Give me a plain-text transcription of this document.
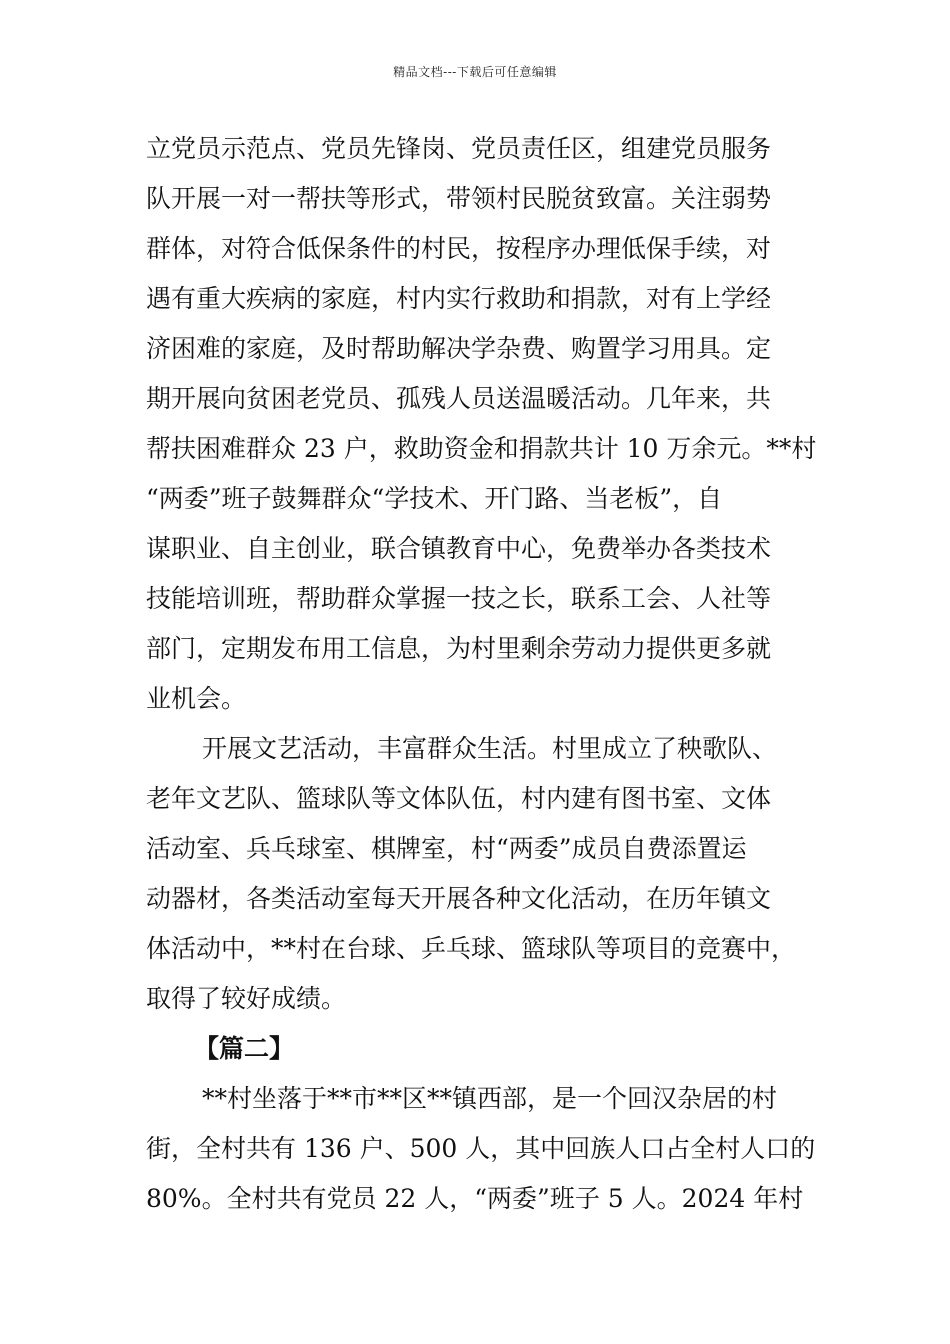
精品文档---下载后可任意编辑
立党员示范点、党员先锋岗、党员责任区，组建党员服务
队开展一对一帮扶等形式，带领村民脱贫致富。关注弱势
群体，对符合低保条件的村民，按程序办理低保手续，对
遇有重大疾病的家庭，村内实行救助和捐款，对有上学经
济困难的家庭，及时帮助解决学杂费、购置学习用具。定
期开展向贫困老党员、孤残人员送温暖活动。几年来，共
帮扶困难群众 23 户，救助资金和捐款共计 10 万余元。**村
“两委”班子鼓舞群众“学技术、开门路、当老板”，自
谋职业、自主创业，联合镇教育中心，免费举办各类技术
技能培训班，帮助群众掌握一技之长，联系工会、人社等
部门，定期发布用工信息，为村里剩余劳动力提供更多就
业机会。
开展文艺活动，丰富群众生活。村里成立了秧歌队、
老年文艺队、篮球队等文体队伍，村内建有图书室、文体
活动室、兵乓球室、棋牌室，村“两委”成员自费添置运
动器材，各类活动室每天开展各种文化活动，在历年镇文
体活动中，**村在台球、乒乓球、篮球队等项目的竞赛中，
取得了较好成绩。
【篇二】
**村坐落于**市**区**镇西部，是一个回汉杂居的村
街，全村共有 136 户、500 人，其中回族人口占全村人口的
80%。全村共有党员 22 人，“两委”班子 5 人。2024 年村
